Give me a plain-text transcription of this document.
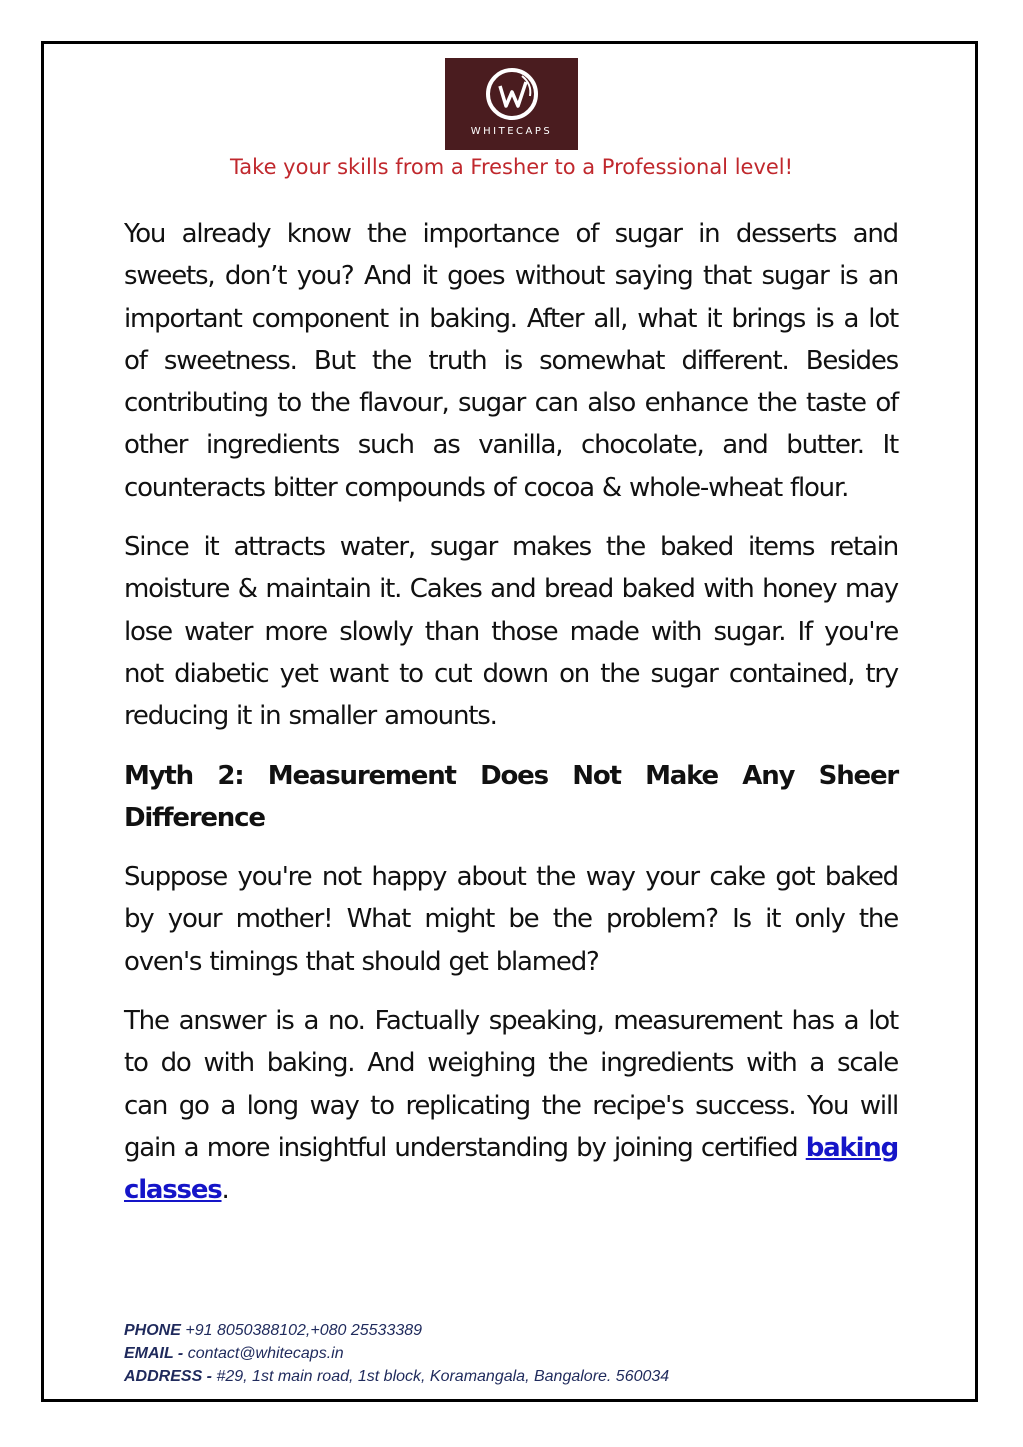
WHITECAPS
Take your skills from a Fresher to a Professional level!

You already know the importance of sugar in desserts and sweets, don’t you? And it goes without saying that sugar is an important component in baking. After all, what it brings is a lot of sweetness. But the truth is somewhat different. Besides contributing to the flavour, sugar can also enhance the taste of other ingredients such as vanilla, chocolate, and butter. It counteracts bitter compounds of cocoa & whole-wheat flour.

Since it attracts water, sugar makes the baked items retain moisture & maintain it. Cakes and bread baked with honey may lose water more slowly than those made with sugar. If you're not diabetic yet want to cut down on the sugar contained, try reducing it in smaller amounts.

Myth 2: Measurement Does Not Make Any Sheer Difference

Suppose you're not happy about the way your cake got baked by your mother! What might be the problem? Is it only the oven's timings that should get blamed?

The answer is a no. Factually speaking, measurement has a lot to do with baking. And weighing the ingredients with a scale can go a long way to replicating the recipe's success. You will gain a more insightful understanding by joining certified baking classes.

PHONE +91 8050388102,+080 25533389
EMAIL - contact@whitecaps.in
ADDRESS - #29, 1st main road, 1st block, Koramangala, Bangalore. 560034
